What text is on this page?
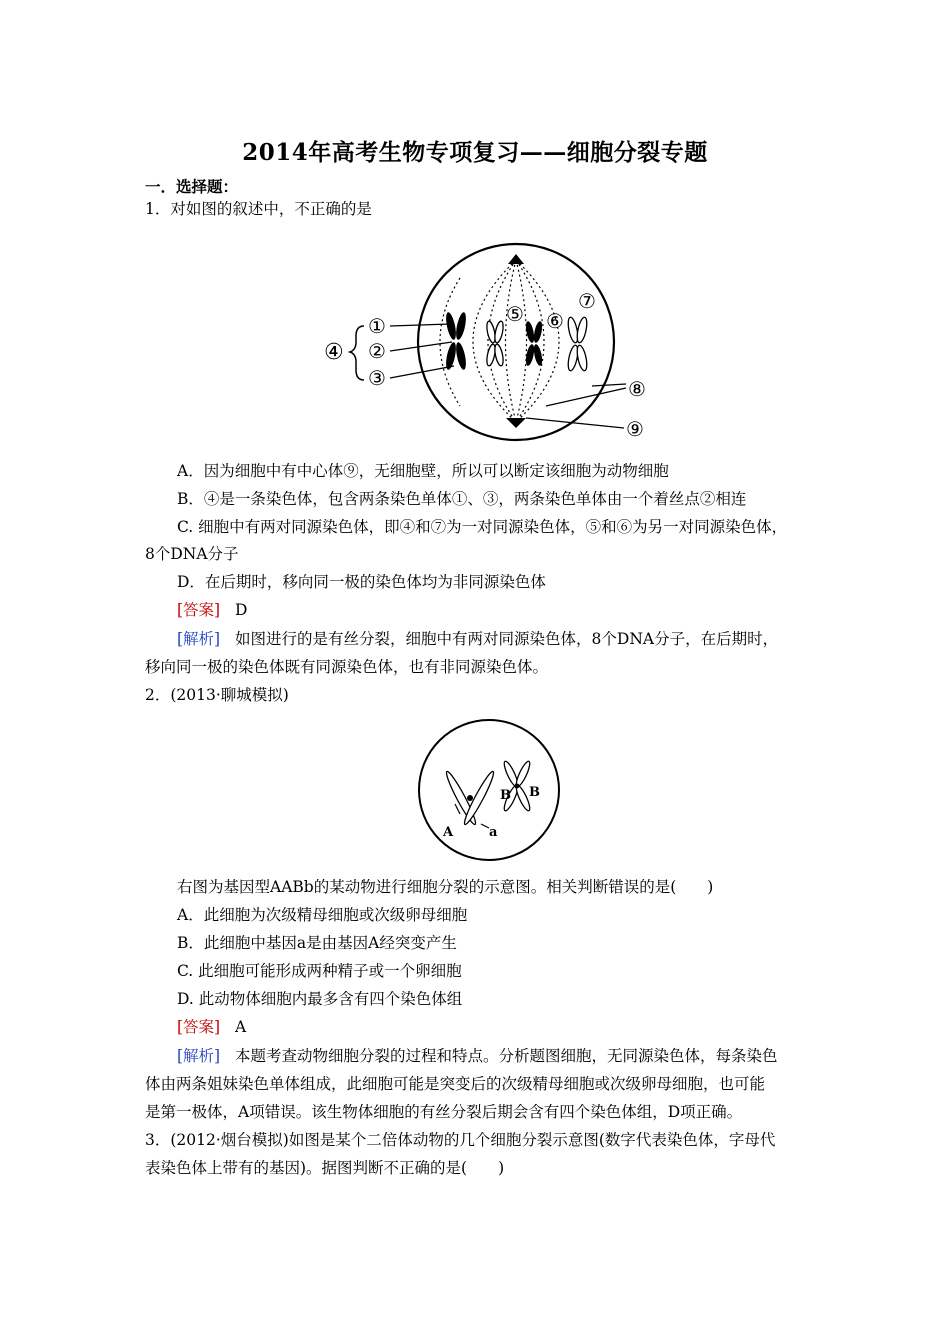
2014年高考生物专项复习——细胞分裂专题
一．选择题：
1．对如图的叙述中，不正确的是
①
②
③
④
⑤ ⑥
⑦
⑧
⑨
A．因为细胞中有中心体⑨，无细胞壁，所以可以断定该细胞为动物细胞
B．④是一条染色体，包含两条染色单体①、③，两条染色单体由一个着丝点②相连
C. 细胞中有两对同源染色体，即④和⑦为一对同源染色体，⑤和⑥为另一对同源染色体，
8个DNA分子
D．在后期时，移向同一极的染色体均为非同源染色体
[答案] D
[解析] 如图进行的是有丝分裂，细胞中有两对同源染色体，8个DNA分子，在后期时，
移向同一极的染色体既有同源染色体，也有非同源染色体。
2．(2013·聊城模拟)
A	a
B B
右图为基因型AABb的某动物进行细胞分裂的示意图。相关判断错误的是(　　)
A．此细胞为次级精母细胞或次级卵母细胞
B．此细胞中基因a是由基因A经突变产生
C. 此细胞可能形成两种精子或一个卵细胞
D. 此动物体细胞内最多含有四个染色体组
[答案] A
[解析] 本题考查动物细胞分裂的过程和特点。分析题图细胞，无同源染色体，每条染色
体由两条姐妹染色单体组成，此细胞可能是突变后的次级精母细胞或次级卵母细胞，也可能
是第一极体，A项错误。该生物体细胞的有丝分裂后期会含有四个染色体组，D项正确。
3．(2012·烟台模拟)如图是某个二倍体动物的几个细胞分裂示意图(数字代表染色体，字母代
表染色体上带有的基因)。据图判断不正确的是(　　)
